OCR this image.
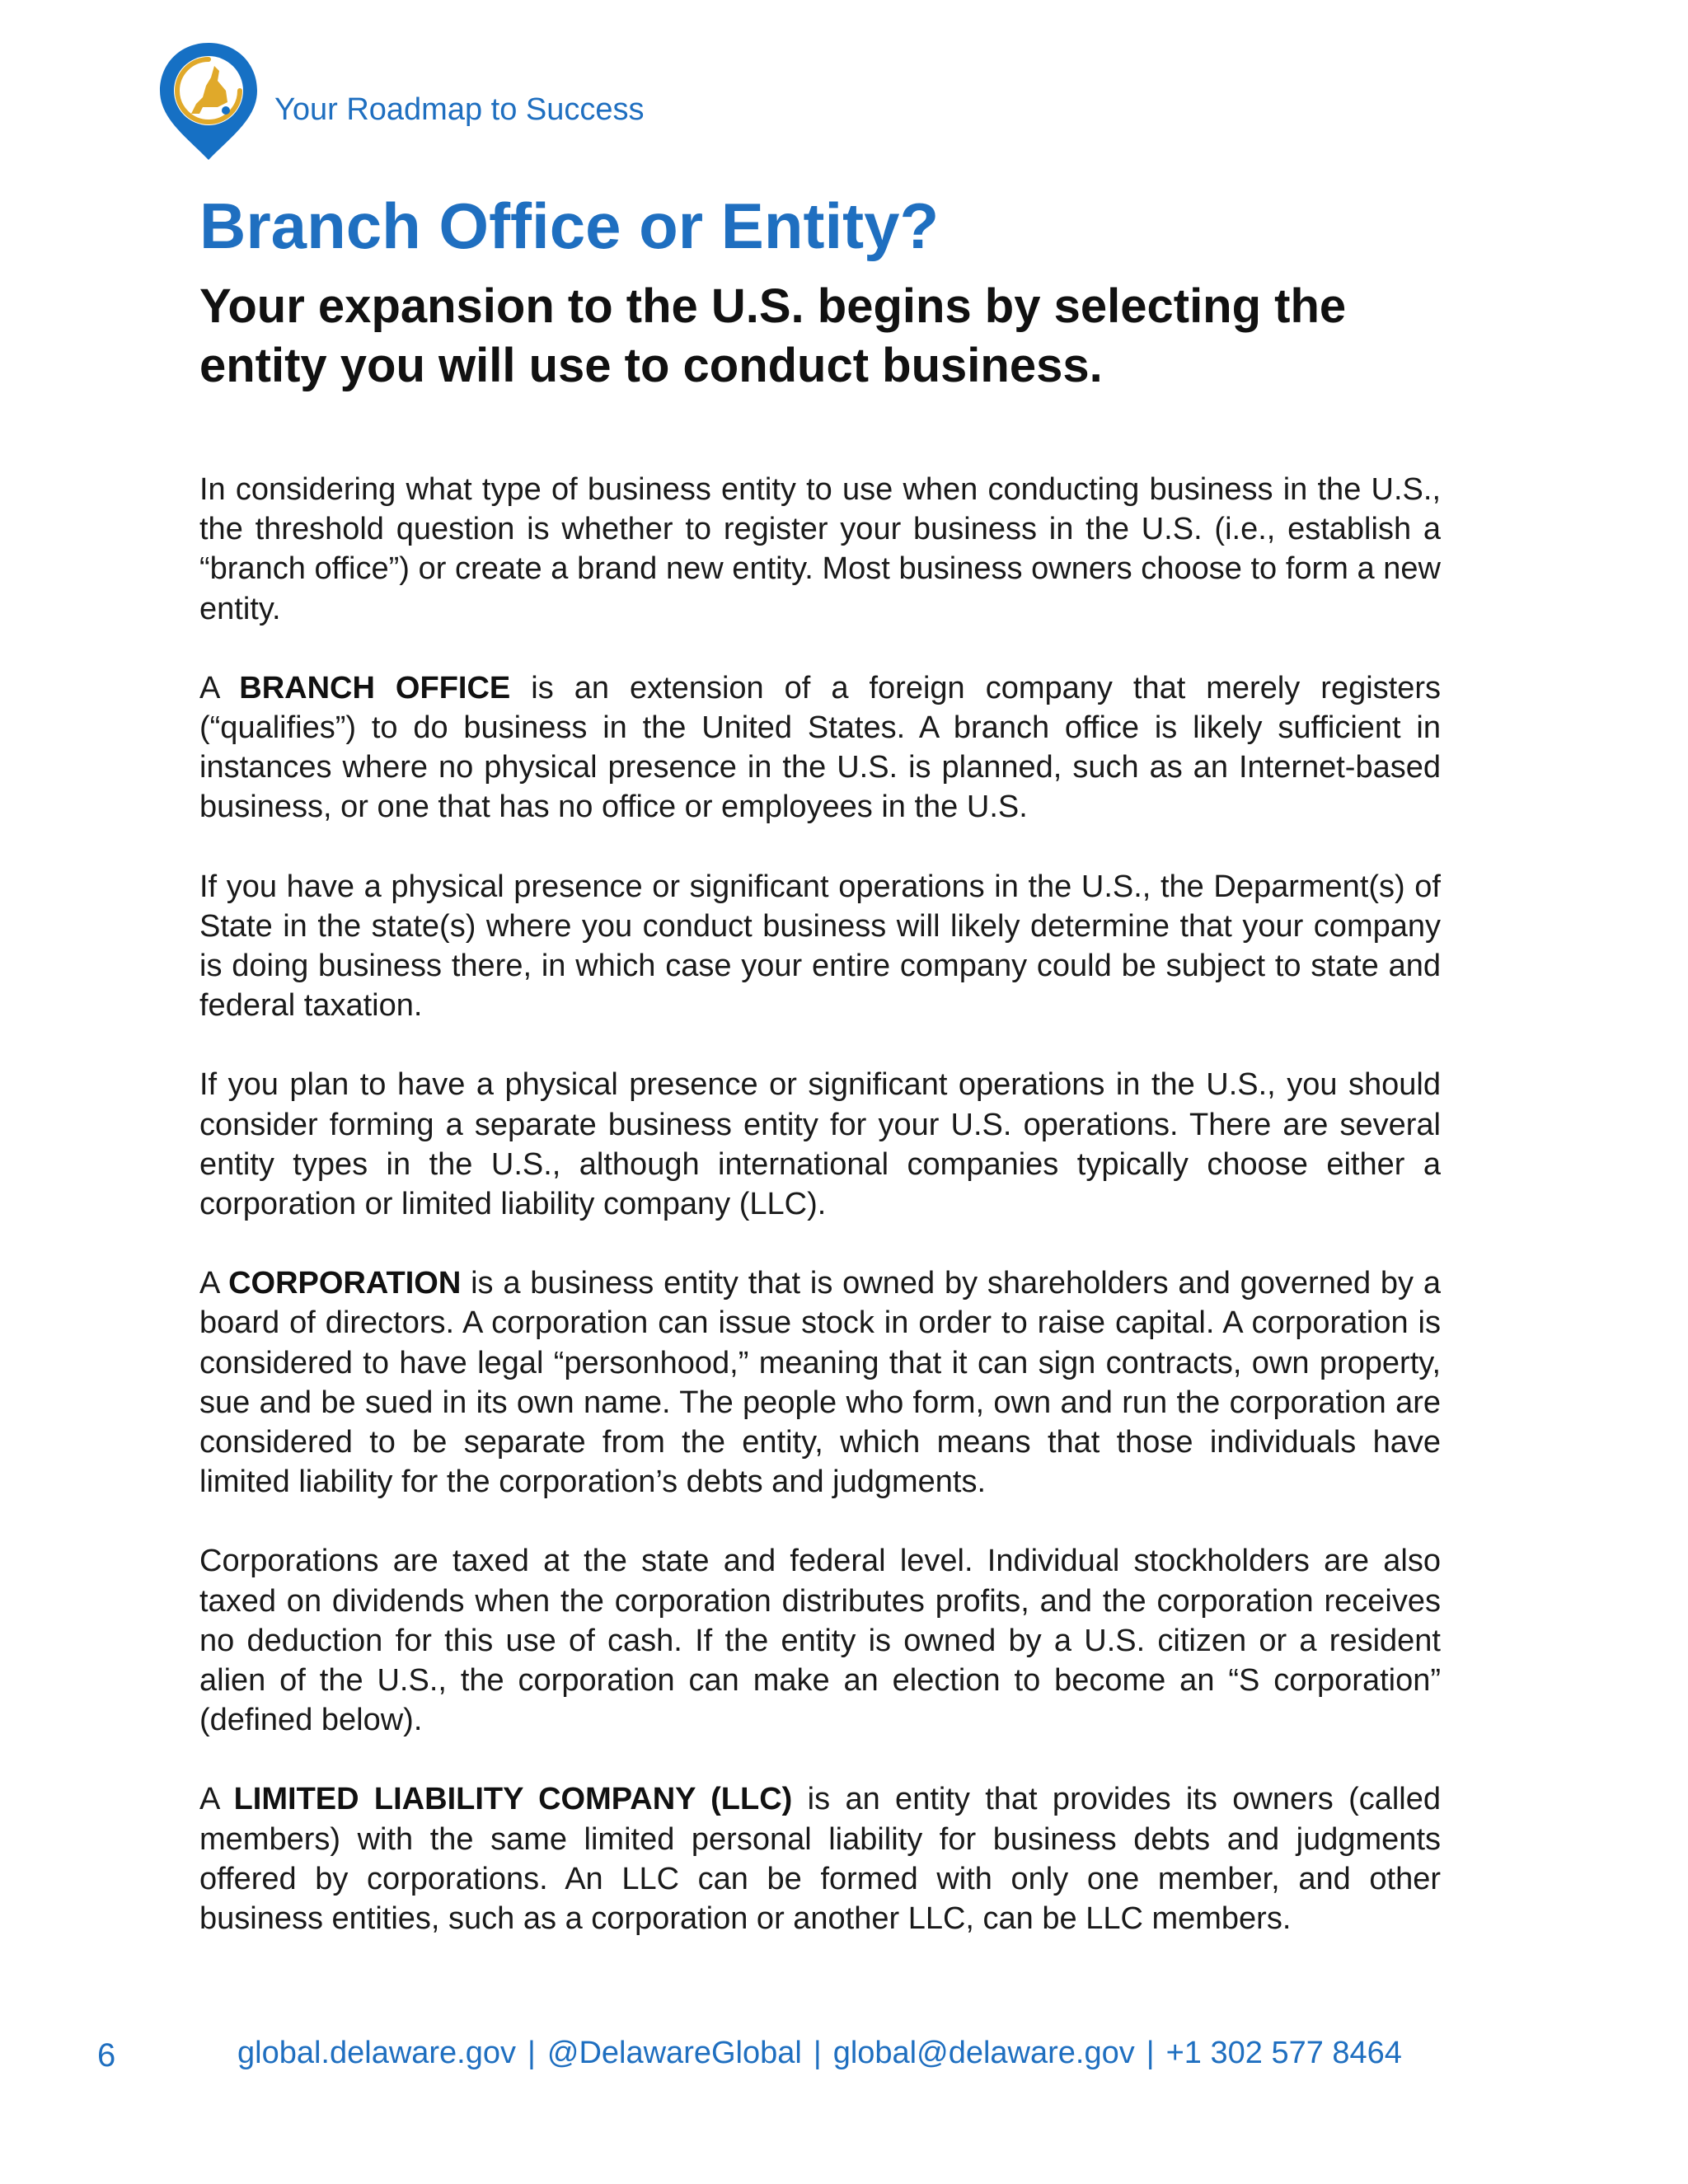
Your Roadmap to Success
Branch Office or Entity?
Your expansion to the U.S. begins by selecting the entity you will use to conduct business.

In considering what type of business entity to use when conducting business in the U.S., the threshold question is whether to register your business in the U.S. (i.e., establish a “branch office”) or create a brand new entity. Most business owners choose to form a new entity.

A BRANCH OFFICE is an extension of a foreign company that merely registers (“qualifies”) to do business in the United States. A branch office is likely sufficient in instances where no physical presence in the U.S. is planned, such as an Internet-based business, or one that has no office or employees in the U.S.

If you have a physical presence or significant operations in the U.S., the Deparment(s) of State in the state(s) where you conduct business will likely determine that your company is doing business there, in which case your entire company could be subject to state and federal taxation.

If you plan to have a physical presence or significant operations in the U.S., you should consider forming a separate business entity for your U.S. operations. There are several entity types in the U.S., although international companies typically choose either a corporation or limited liability company (LLC).

A CORPORATION is a business entity that is owned by shareholders and governed by a board of directors. A corporation can issue stock in order to raise capital. A corporation is considered to have legal “personhood,” meaning that it can sign contracts, own property, sue and be sued in its own name. The people who form, own and run the corporation are considered to be separate from the entity, which means that those individuals have limited liability for the corporation’s debts and judgments.

Corporations are taxed at the state and federal level. Individual stockholders are also taxed on dividends when the corporation distributes profits, and the corporation receives no deduction for this use of cash. If the entity is owned by a U.S. citizen or a resident alien of the U.S., the corporation can make an election to become an “S corporation” (defined below).

A LIMITED LIABILITY COMPANY (LLC) is an entity that provides its owners (called members) with the same limited personal liability for business debts and judgments offered by corporations. An LLC can be formed with only one member, and other business entities, such as a corporation or another LLC, can be LLC members.

6	global.delaware.gov | @DelawareGlobal | global@delaware.gov | +1 302 577 8464
